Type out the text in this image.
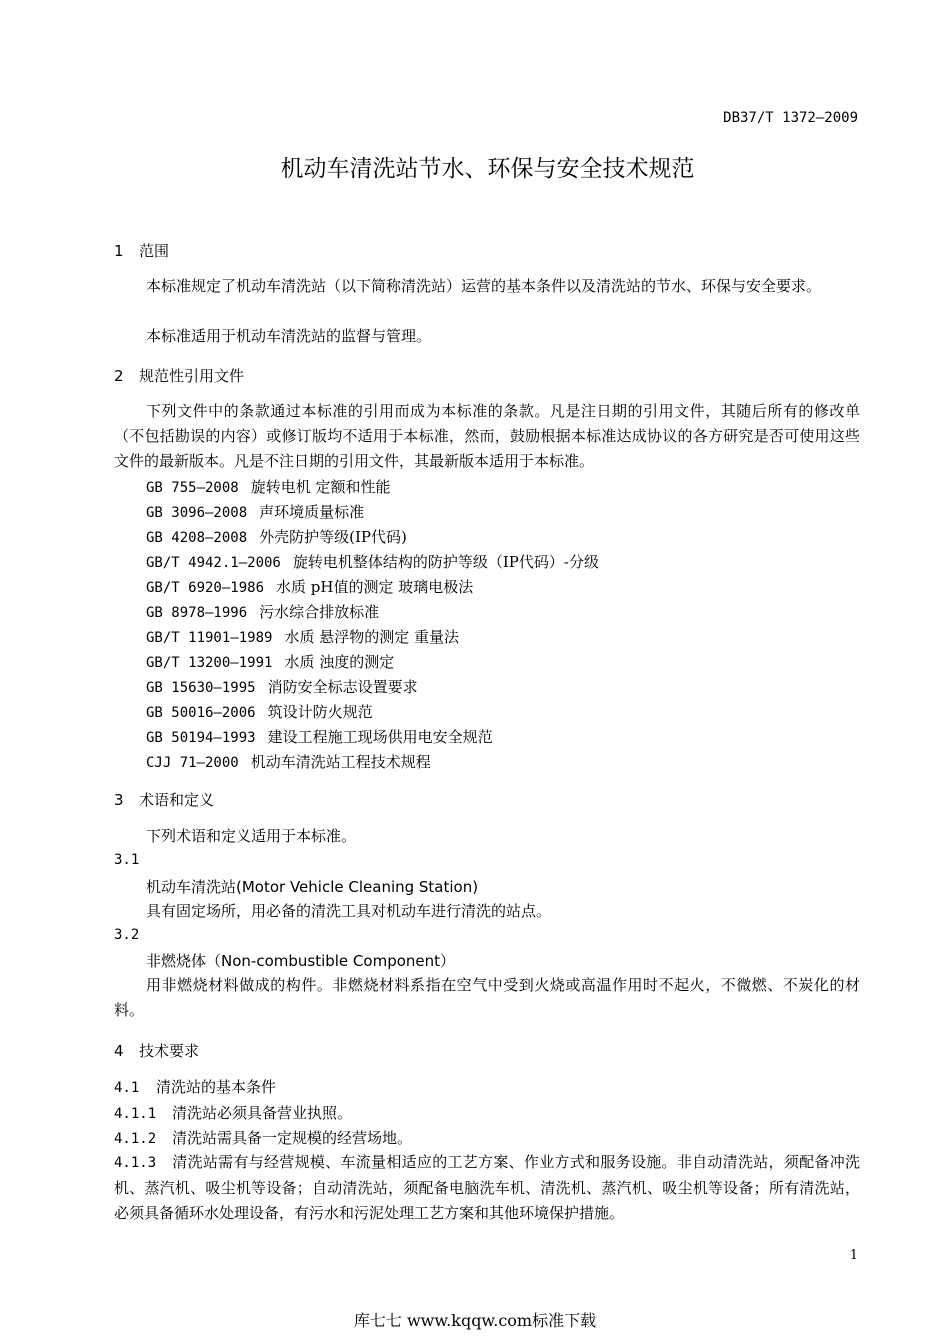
DB37/T 1372—2009
机动车清洗站节水、环保与安全技术规范
1 范围
本标准规定了机动车清洗站（以下简称清洗站）运营的基本条件以及清洗站的节水、环保与安全要求。
本标准适用于机动车清洗站的监督与管理。
2 规范性引用文件
下列文件中的条款通过本标准的引用而成为本标准的条款。凡是注日期的引用文件，其随后所有的修改单（不包括勘误的内容）或修订版均不适用于本标准，然而，鼓励根据本标准达成协议的各方研究是否可使用这些文件的最新版本。凡是不注日期的引用文件，其最新版本适用于本标准。
GB 755—2008 旋转电机 定额和性能
GB 3096—2008 声环境质量标准
GB 4208—2008 外壳防护等级(IP代码)
GB/T 4942.1—2006 旋转电机整体结构的防护等级（IP代码）-分级
GB/T 6920—1986 水质 pH值的测定 玻璃电极法
GB 8978—1996 污水综合排放标准
GB/T 11901—1989 水质 悬浮物的测定 重量法
GB/T 13200—1991 水质 浊度的测定
GB 15630—1995 消防安全标志设置要求
GB 50016—2006 筑设计防火规范
GB 50194—1993 建设工程施工现场供用电安全规范
CJJ 71—2000 机动车清洗站工程技术规程
3 术语和定义
下列术语和定义适用于本标准。
3.1
机动车清洗站(Motor Vehicle Cleaning Station)
具有固定场所，用必备的清洗工具对机动车进行清洗的站点。
3.2
非燃烧体（Non-combustible Component）
用非燃烧材料做成的构件。非燃烧材料系指在空气中受到火烧或高温作用时不起火，不微燃、不炭化的材料。
4 技术要求
4.1 清洗站的基本条件
4.1.1 清洗站必须具备营业执照。
4.1.2 清洗站需具备一定规模的经营场地。
4.1.3 清洗站需有与经营规模、车流量相适应的工艺方案、作业方式和服务设施。非自动清洗站，须配备冲洗机、蒸汽机、吸尘机等设备；自动清洗站，须配备电脑洗车机、清洗机、蒸汽机、吸尘机等设备；所有清洗站，必须具备循环水处理设备，有污水和污泥处理工艺方案和其他环境保护措施。
1
库七七 www.kqqw.com标准下载
